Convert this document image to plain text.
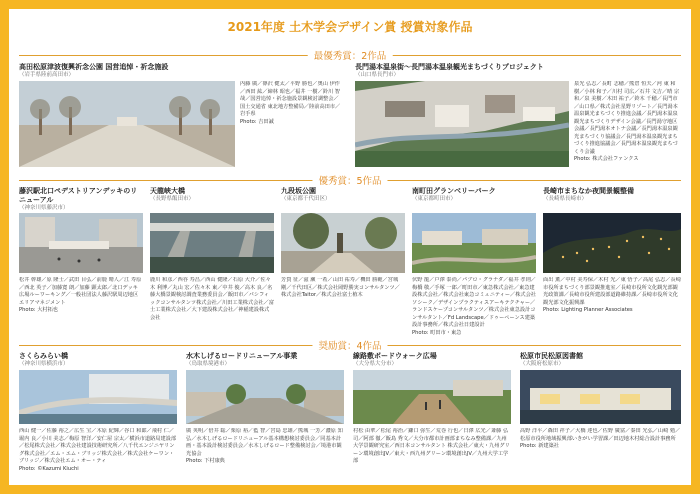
2021年度 土木学会デザイン賞 授賞対象作品
最優秀賞：2作品
高田松原津波復興祈念公園 国営追悼・祈念施設
（岩手県陸前高田市）
内藤 廣／篠沢 健太／平野 勝也／奥山 伊作／西田 紘／締林 昭也／福井 一樹／鈴川 智哉／国営追悼・祈念施設景観検討調整会／国土交通省 東北地方整備局／陸前高田市／岩手県
Photo: 吉田誠
長門湯本温泉街〜長門湯本温泉観光まちづくりプロジェクト
（山口県長門市）
泉光 弘志／長町 志穂／熊倉 恒夫／河 東 和樹／小林 和子／川村 司広／石井 文吉／晴 宗 和／泉 美樹／木田 祐子／鈴木 千穂／長門市／山口県／株式会社星野リゾート／長門湯本温泉観光まちづくり推進会議／長門湯本温泉観光まちづくりデザイン会議／長門湯守地区会議／長門湯本オトナ会議／長門湯本温泉観光まちづくり協議会／長門湯本温泉観光まちづくり推進協議会／長門湯本温泉観光まちづくり会議
Photo: 株式会社ファンクス
優秀賞：5作品
藤沢駅北口ペデストリアンデッキのリニューアル
（神奈川県藤沢市）
松井 幹雄／原 隆士／武田 目弘／前鹿 晴人／江 寿原／西北 英子／加藤寛 朗／加藤 顕太郎／北口デッキ広場ルーワーキング／一般社団法人藤沢駅周辺地区エリアマネジメント
Photo: 大村拓也
天龍峡大橋
（長野県飯田市）
鹿川 和彦／西谷 寿昌／西山 健隆／石原 大介／佐々木 利博／丸山 宏／佐々木 東／中井 俊／高木 良／名藤大橋景観検討調査業務委員会／飯田市／パシフィックコンサルタンツ株式会社／川田工業株式会社／富士工業株式会社／大下建設株式会社／神稲建設株式会社
九段坂公園
（東京都千代田区）
芳賀 征／滋 瀬 一希／山田 祐寿／機田 勝範／宮城 剛／千代田区／株式会社岡野勝実コンサルタンツ／株式会社Taitor／株式会社富士植木
南町田グランベリーパーク
（東京都町田市）
伏野 龍／戸澤 泰尚／パブロ・グラナダ／福井 孝則／梅橋 敬／手塚 一郎／町田市／東急株式会社／東急建設株式会社／株式会社東急コミュニティー／株式会社ソシーク／デザインプラクティスアーキテクチャー／ランドスケープコンサルタンツ／株式会社東急設計コンサルタント／Fd Landscape／ドゥーペーンス建築設計事務所／株式会社日建設計
Photo: 町田市・東急
長崎市まちなか夜間景観整備
（長崎県長崎市）
面出 薫／中村 美寿保／木村 光／東 悟子／高尾 弘志／長崎市役所まちづくり部景観推進室／長崎市役所文化観光部観光政策課／長崎市役所建設部道路維持課／長崎市役所文化観光部文化振興課
Photo: Lighting Planner Associates
奨励賞：4作品
さくらみらい橋
（神奈川県横浜市）
西山 健一／佐藤 裕之／広生 宝／木原 紀輝／谷口 和郎／飛村 仁／堀内 良／小川 美志／梅原 智洋／安仁屋 宗太／横浜市道路局建設部／松尾株式会社／株式会社建設技術研究所／八千代エンジニヤリング株式会社／エム・エム・ブリッジ株式会社／株式会社ケーワン・ブリッジ／株式会社エム・オー・ティ
Photo: ©Kazumi Kiuchi
水木しげるロードリニューアル事業
（鳥取県境港市）
廣 英明／倍井 聡／栗原 裕／藍 智／宮島 忠雄／熊城 一芳／濃原 知弘／水木しげるロードリニューアル基本構想検討委員会／同基本計画・基本設計検討委員会／水木しげるロード整備検討会／境港市観光協会
Photo: 下村康典
線路敷ボードウォーク広場
（大分県大分市）
村松 由華／松尾 裕治／鎌口 弥生／荒巻 行也／日澤 広光／斎藤 弘司／阿部 徹／飯島 秀文／大分市都市計画部まちなみ整備課／九州大学景観研究室／西日本コンサルタント 株式会社／東大・九州グリーン環境創出JV／東大・西九州グリーン環境創出JV／九州大学工学部
松原市民松原図書館
（大阪府松原市）
高野 洋平／森田 祥子／大橋 達也／佐野 廣富／秦田 光弘／山崎 勉／松原市役所地域振興部いきがい学習課／田辺地木村総合設計事務所
Photo: 新建築社
